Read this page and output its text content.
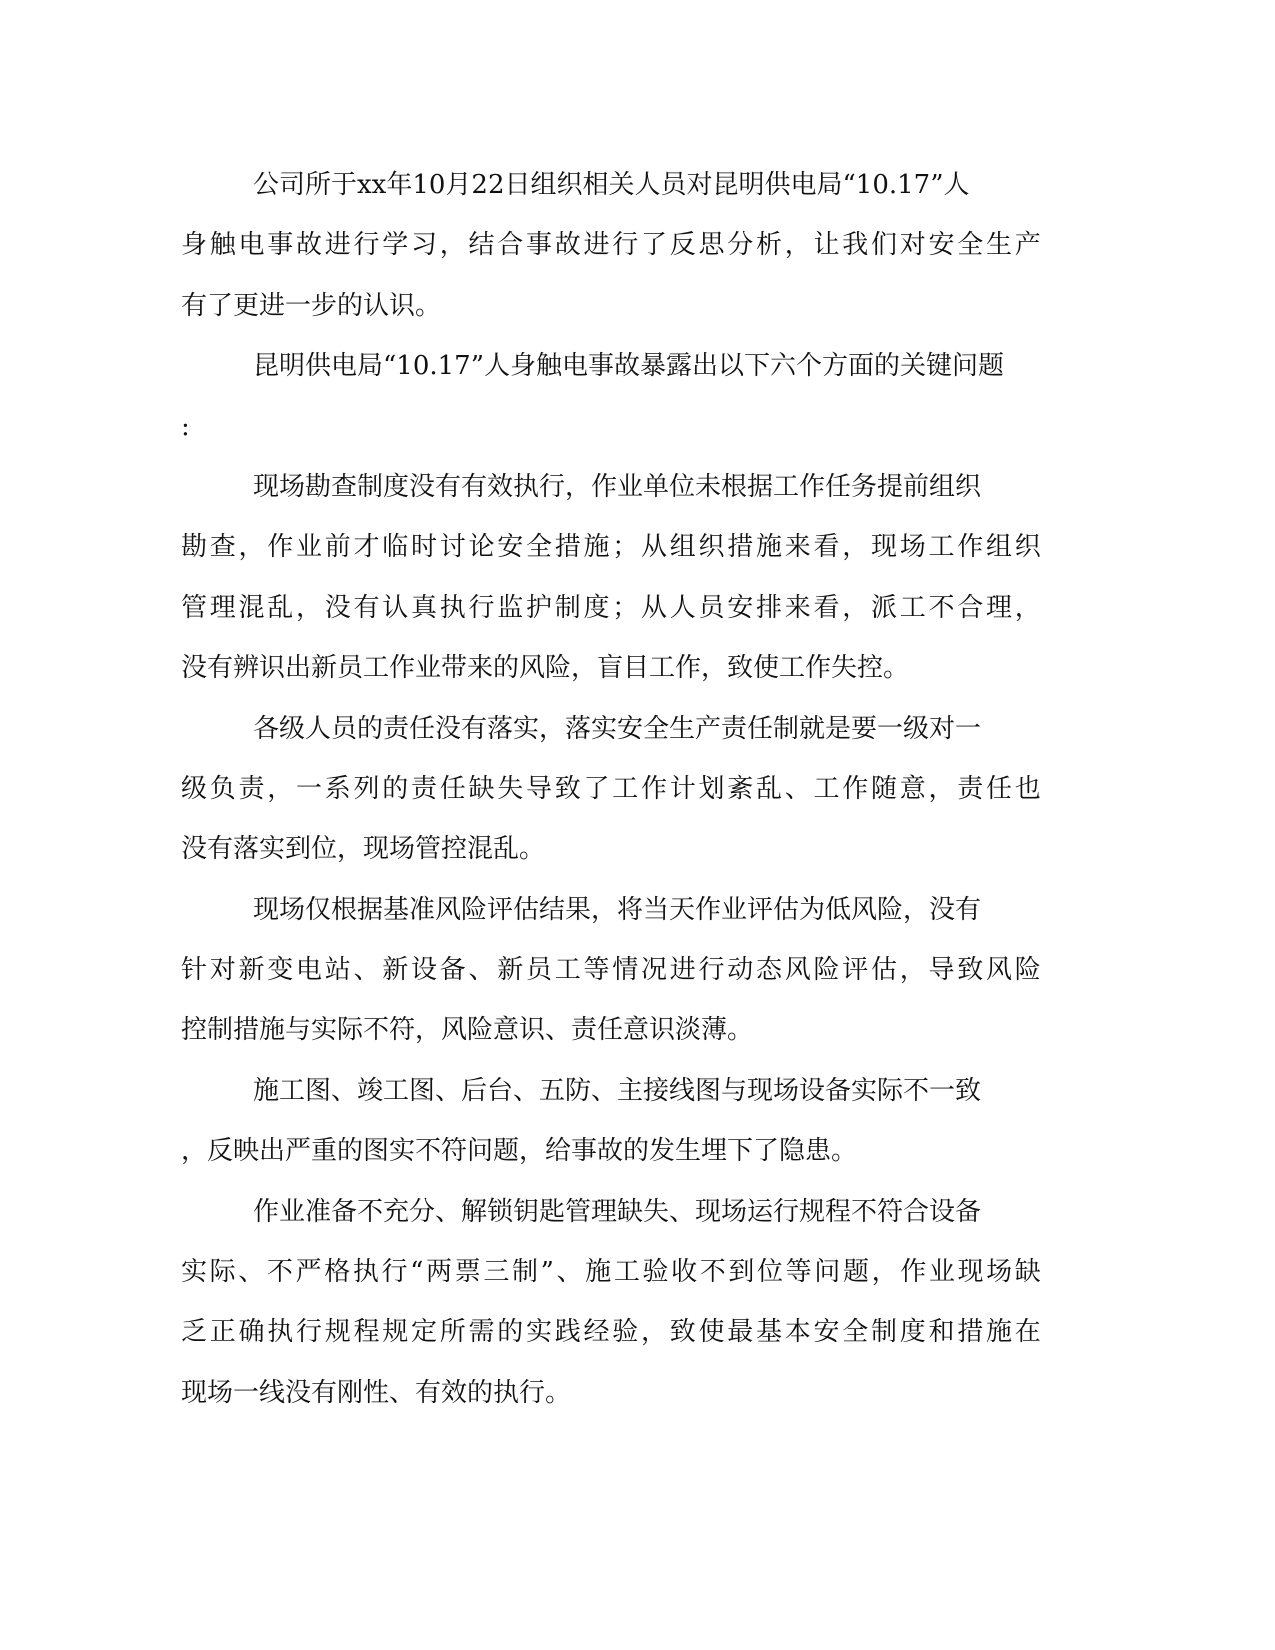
公司所于xx年10月22日组织相关人员对昆明供电局“10.17”人
身 触 电 事 故 进 行 学 习 ， 结 合 事 故 进 行 了 反 思 分 析 ， 让 我 们 对 安 全 生 产
有了更进一步的认识。
昆明供电局“10.17”人身触电事故暴露出以下六个方面的关键问题
:
现场勘查制度没有有效执行，作业单位未根据工作任务提前组织
勘 查 ， 作 业 前 才 临 时 讨 论 安 全 措 施 ； 从 组 织 措 施 来 看 ， 现 场 工 作 组 织
管 理 混 乱 ， 没 有 认 真 执 行 监 护 制 度 ； 从 人 员 安 排 来 看 ， 派 工 不 合 理 ，
没有辨识出新员工作业带来的风险，盲目工作，致使工作失控。
各级人员的责任没有落实，落实安全生产责任制就是要一级对一
级 负 责 ， 一 系 列 的 责 任 缺 失 导 致 了 工 作 计 划 紊 乱 、 工 作 随 意 ， 责 任 也
没有落实到位，现场管控混乱。
现场仅根据基准风险评估结果，将当天作业评估为低风险，没有
针 对 新 变 电 站 、 新 设 备 、 新 员 工 等 情 况 进 行 动 态 风 险 评 估 ， 导 致 风 险
控制措施与实际不符，风险意识、责任意识淡薄。
施工图、竣工图、后台、五防、主接线图与现场设备实际不一致
，反映出严重的图实不符问题，给事故的发生埋下了隐患。
作业准备不充分、解锁钥匙管理缺失、现场运行规程不符合设备
实 际 、 不 严 格 执 行 “ 两 票 三 制 ” 、 施 工 验 收 不 到 位 等 问 题 ， 作 业 现 场 缺
乏 正 确 执 行 规 程 规 定 所 需 的 实 践 经 验 ， 致 使 最 基 本 安 全 制 度 和 措 施 在
现场一线没有刚性、有效的执行。
